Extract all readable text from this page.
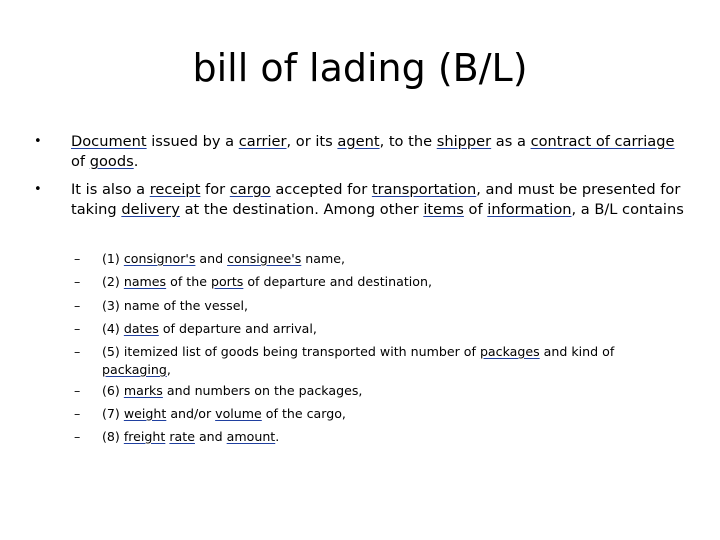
bill of lading (B/L)
• Document issued by a carrier, or its agent, to the shipper as a contract of carriage of goods.
• It is also a receipt for cargo accepted for transportation, and must be presented for taking delivery at the destination. Among other items of information, a B/L contains
– (1) consignor's and consignee's name,
– (2) names of the ports of departure and destination,
– (3) name of the vessel,
– (4) dates of departure and arrival,
– (5) itemized list of goods being transported with number of packages and kind of packaging,
– (6) marks and numbers on the packages,
– (7) weight and/or volume of the cargo,
– (8) freight rate and amount.
